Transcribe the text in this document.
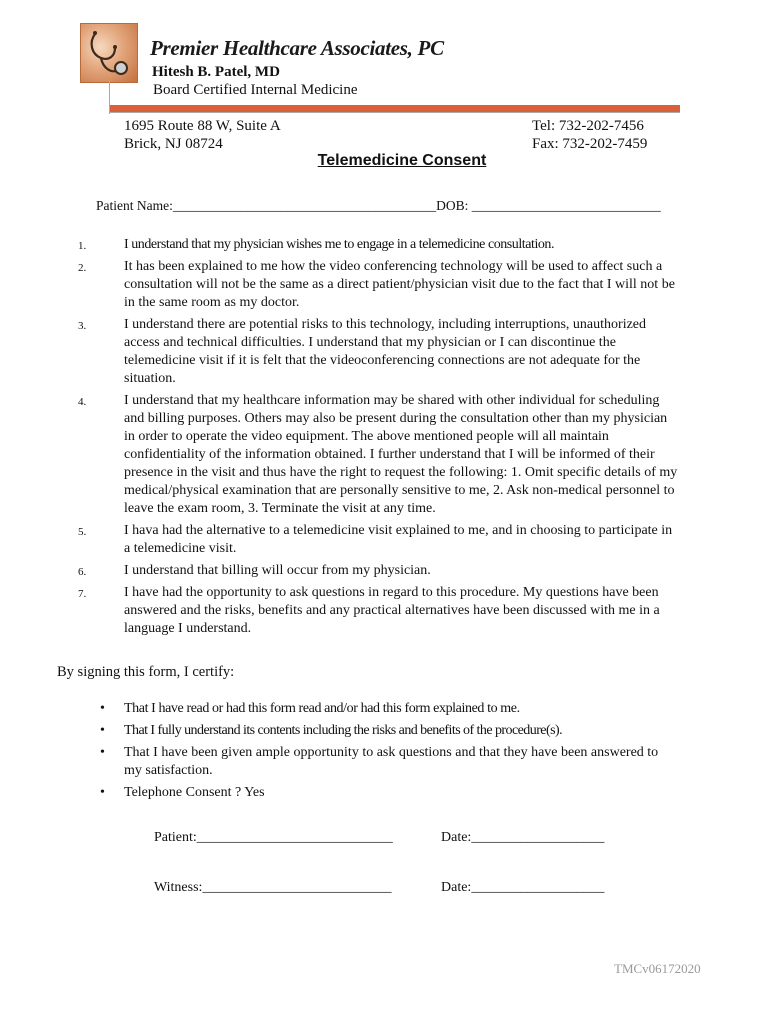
Premier Healthcare Associates, PC
Hitesh B. Patel, MD
Board Certified Internal Medicine
1695 Route 88 W, Suite A
Brick, NJ 08724
Tel: 732-202-7456
Fax: 732-202-7459
Telemedicine Consent
Patient Name:_______________________________________DOB: ____________________________
1.	I understand that my physician wishes me to engage in a telemedicine consultation.
2.	It has been explained to me how the video conferencing technology will be used to affect such a consultation will not be the same as a direct patient/physician visit due to the fact that I will not be in the same room as my doctor.
3.	I understand there are potential risks to this technology, including interruptions, unauthorized access and technical difficulties. I understand that my physician or I can discontinue the telemedicine visit if it is felt that the videoconferencing connections are not adequate for the situation.
4.	I understand that my healthcare information may be shared with other individual for scheduling and billing purposes. Others may also be present during the consultation other than my physician in order to operate the video equipment. The above mentioned people will all maintain confidentiality of the information obtained. I further understand that I will be informed of their presence in the visit and thus have the right to request the following: 1. Omit specific details of my medical/physical examination that are personally sensitive to me, 2. Ask non-medical personnel to leave the exam room, 3. Terminate the visit at any time.
5.	I hava had the alternative to a telemedicine visit explained to me, and in choosing to participate in a telemedicine visit.
6.	I understand that billing will occur from my physician.
7.	I have had the opportunity to ask questions in regard to this procedure. My questions have been answered and the risks, benefits and any practical alternatives have been discussed with me in a language I understand.
By signing this form, I certify:
• That I have read or had this form read and/or had this form explained to me.
• That I fully understand its contents including the risks and benefits of the procedure(s).
• That I have been given ample opportunity to ask questions and that they have been answered to my satisfaction.
• Telephone Consent ? Yes
Patient:____________________________	Date:___________________
Witness:___________________________	Date:___________________
TMCv06172020
